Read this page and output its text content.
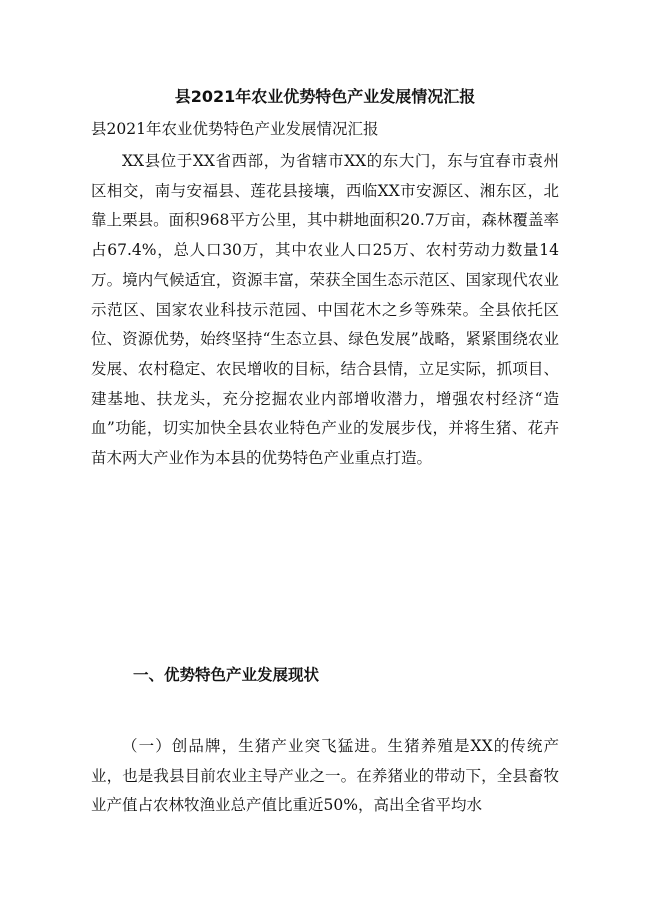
县2021年农业优势特色产业发展情况汇报

县2021年农业优势特色产业发展情况汇报

XX县位于XX省西部，为省辖市XX的东大门，东与宜春市袁州区相交，南与安福县、莲花县接壤，西临XX市安源区、湘东区，北靠上栗县。面积968平方公里，其中耕地面积20.7万亩，森林覆盖率占67.4%，总人口30万，其中农业人口25万、农村劳动力数量14万。境内气候适宜，资源丰富，荣获全国生态示范区、国家现代农业示范区、国家农业科技示范园、中国花木之乡等殊荣。全县依托区位、资源优势，始终坚持“生态立县、绿色发展”战略，紧紧围绕农业发展、农村稳定、农民增收的目标，结合县情，立足实际，抓项目、建基地、扶龙头，充分挖掘农业内部增收潜力，增强农村经济“造血”功能，切实加快全县农业特色产业的发展步伐，并将生猪、花卉苗木两大产业作为本县的优势特色产业重点打造。

一、优势特色产业发展现状

（一）创品牌，生猪产业突飞猛进。生猪养殖是XX的传统产业，也是我县目前农业主导产业之一。在养猪业的带动下，全县畜牧业产值占农林牧渔业总产值比重近50%，高出全省平均水
